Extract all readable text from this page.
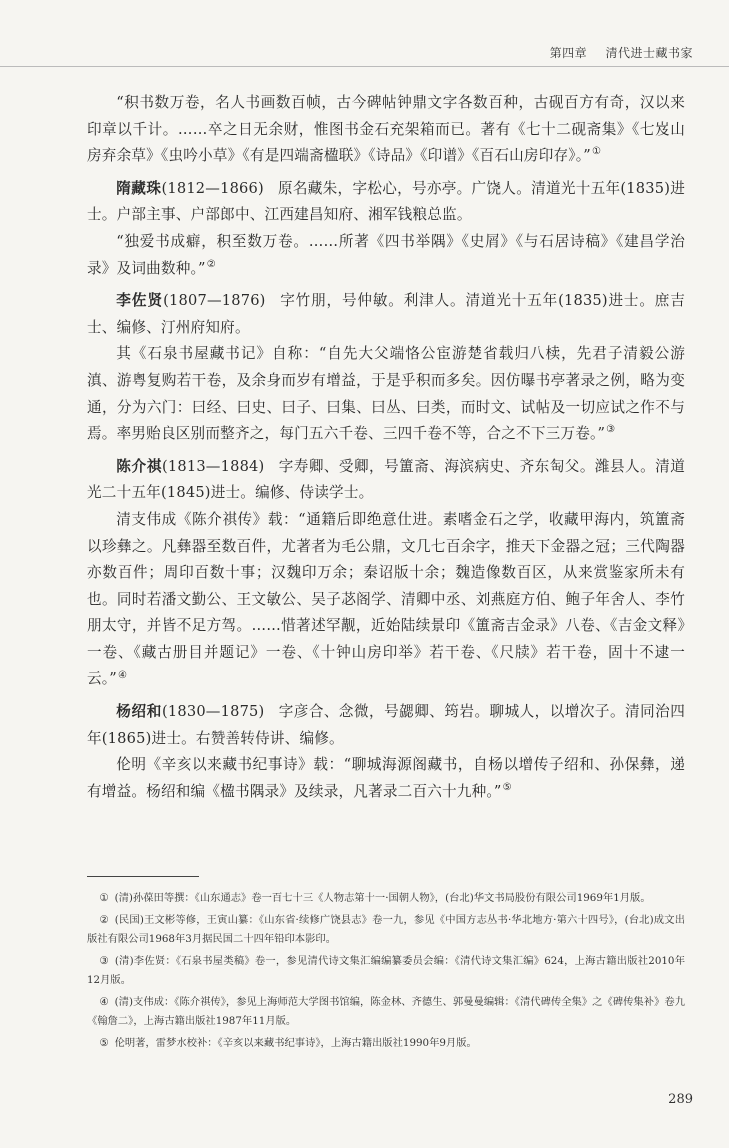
第四章 清代进士藏书家

“积书数万卷，名人书画数百帧，古今碑帖钟鼎文字各数百种，古砚百方有奇，汉以来印章以千计。……卒之日无余财，惟图书金石充架箱而已。著有《七十二砚斋集》《七岌山房弃余草》《虫吟小草》《有是四端斋楹联》《诗品》《印谱》《百石山房印存》。”①

隋藏珠(1812—1866) 原名藏朱，字松心，号亦亭。广饶人。清道光十五年(1835)进士。户部主事、户部郎中、江西建昌知府、湘军钱粮总监。

“独爱书成癖，积至数万卷。……所著《四书举隅》《史屑》《与石居诗稿》《建昌学治录》及词曲数种。”②

李佐贤(1807—1876) 字竹朋，号仲敏。利津人。清道光十五年(1835)进士。庶吉士、编修、汀州府知府。

其《石泉书屋藏书记》自称：“自先大父端恪公宦游楚省载归八椟，先君子清毅公游滇、游粤复购若干卷，及余身而岁有增益，于是乎积而多矣。因仿曝书亭著录之例，略为变通，分为六门：曰经、曰史、曰子、曰集、曰丛、曰类，而时文、试帖及一切应试之作不与焉。率男贻良区别而整齐之，每门五六千卷、三四千卷不等，合之不下三万卷。”③

陈介祺(1813—1884) 字寿卿、受卿，号簠斋、海滨病史、齐东匋父。潍县人。清道光二十五年(1845)进士。编修、侍读学士。

清支伟成《陈介祺传》载：“通籍后即绝意仕进。素嗜金石之学，收藏甲海内，筑簠斋以珍彝之。凡彝器至数百件，尤著者为毛公鼎，文几七百余字，推天下金器之冠；三代陶器亦数百件；周印百数十事；汉魏印万余；秦诏版十余；魏造像数百区，从来赏鉴家所未有也。同时若潘文勤公、王文敏公、吴子苾阁学、清卿中丞、刘燕庭方伯、鲍子年舍人、李竹朋太守，并皆不足方驾。……惜著述罕觏，近始陆续景印《簠斋吉金录》八卷、《吉金文释》一卷、《藏古册目并题记》一卷、《十钟山房印举》若干卷、《尺牍》若干卷，固十不逮一云。”④

杨绍和(1830—1875) 字彦合、念微，号勰卿、筠岩。聊城人，以增次子。清同治四年(1865)进士。右赞善转侍讲、编修。

伦明《辛亥以来藏书纪事诗》载：“聊城海源阁藏书，自杨以增传子绍和、孙保彝，递有增益。杨绍和编《楹书隅录》及续录，凡著录二百六十九种。”⑤

① (清)孙葆田等撰：《山东通志》卷一百七十三《人物志第十一·国朝人物》，(台北)华文书局股份有限公司1969年1月版。

② (民国)王文彬等修，王寅山纂：《山东省·续修广饶县志》卷一九，参见《中国方志丛书·华北地方·第六十四号》，(台北)成文出版社有限公司1968年3月据民国二十四年铅印本影印。

③ (清)李佐贤：《石泉书屋类稿》卷一，参见清代诗文集汇编编纂委员会编：《清代诗文集汇编》624，上海古籍出版社2010年12月版。

④ (清)支伟成：《陈介祺传》，参见上海师范大学图书馆编，陈金林、齐德生、郭曼曼编辑：《清代碑传全集》之《碑传集补》卷九《翰詹二》，上海古籍出版社1987年11月版。

⑤ 伦明著，雷梦水校补：《辛亥以来藏书纪事诗》，上海古籍出版社1990年9月版。

289
